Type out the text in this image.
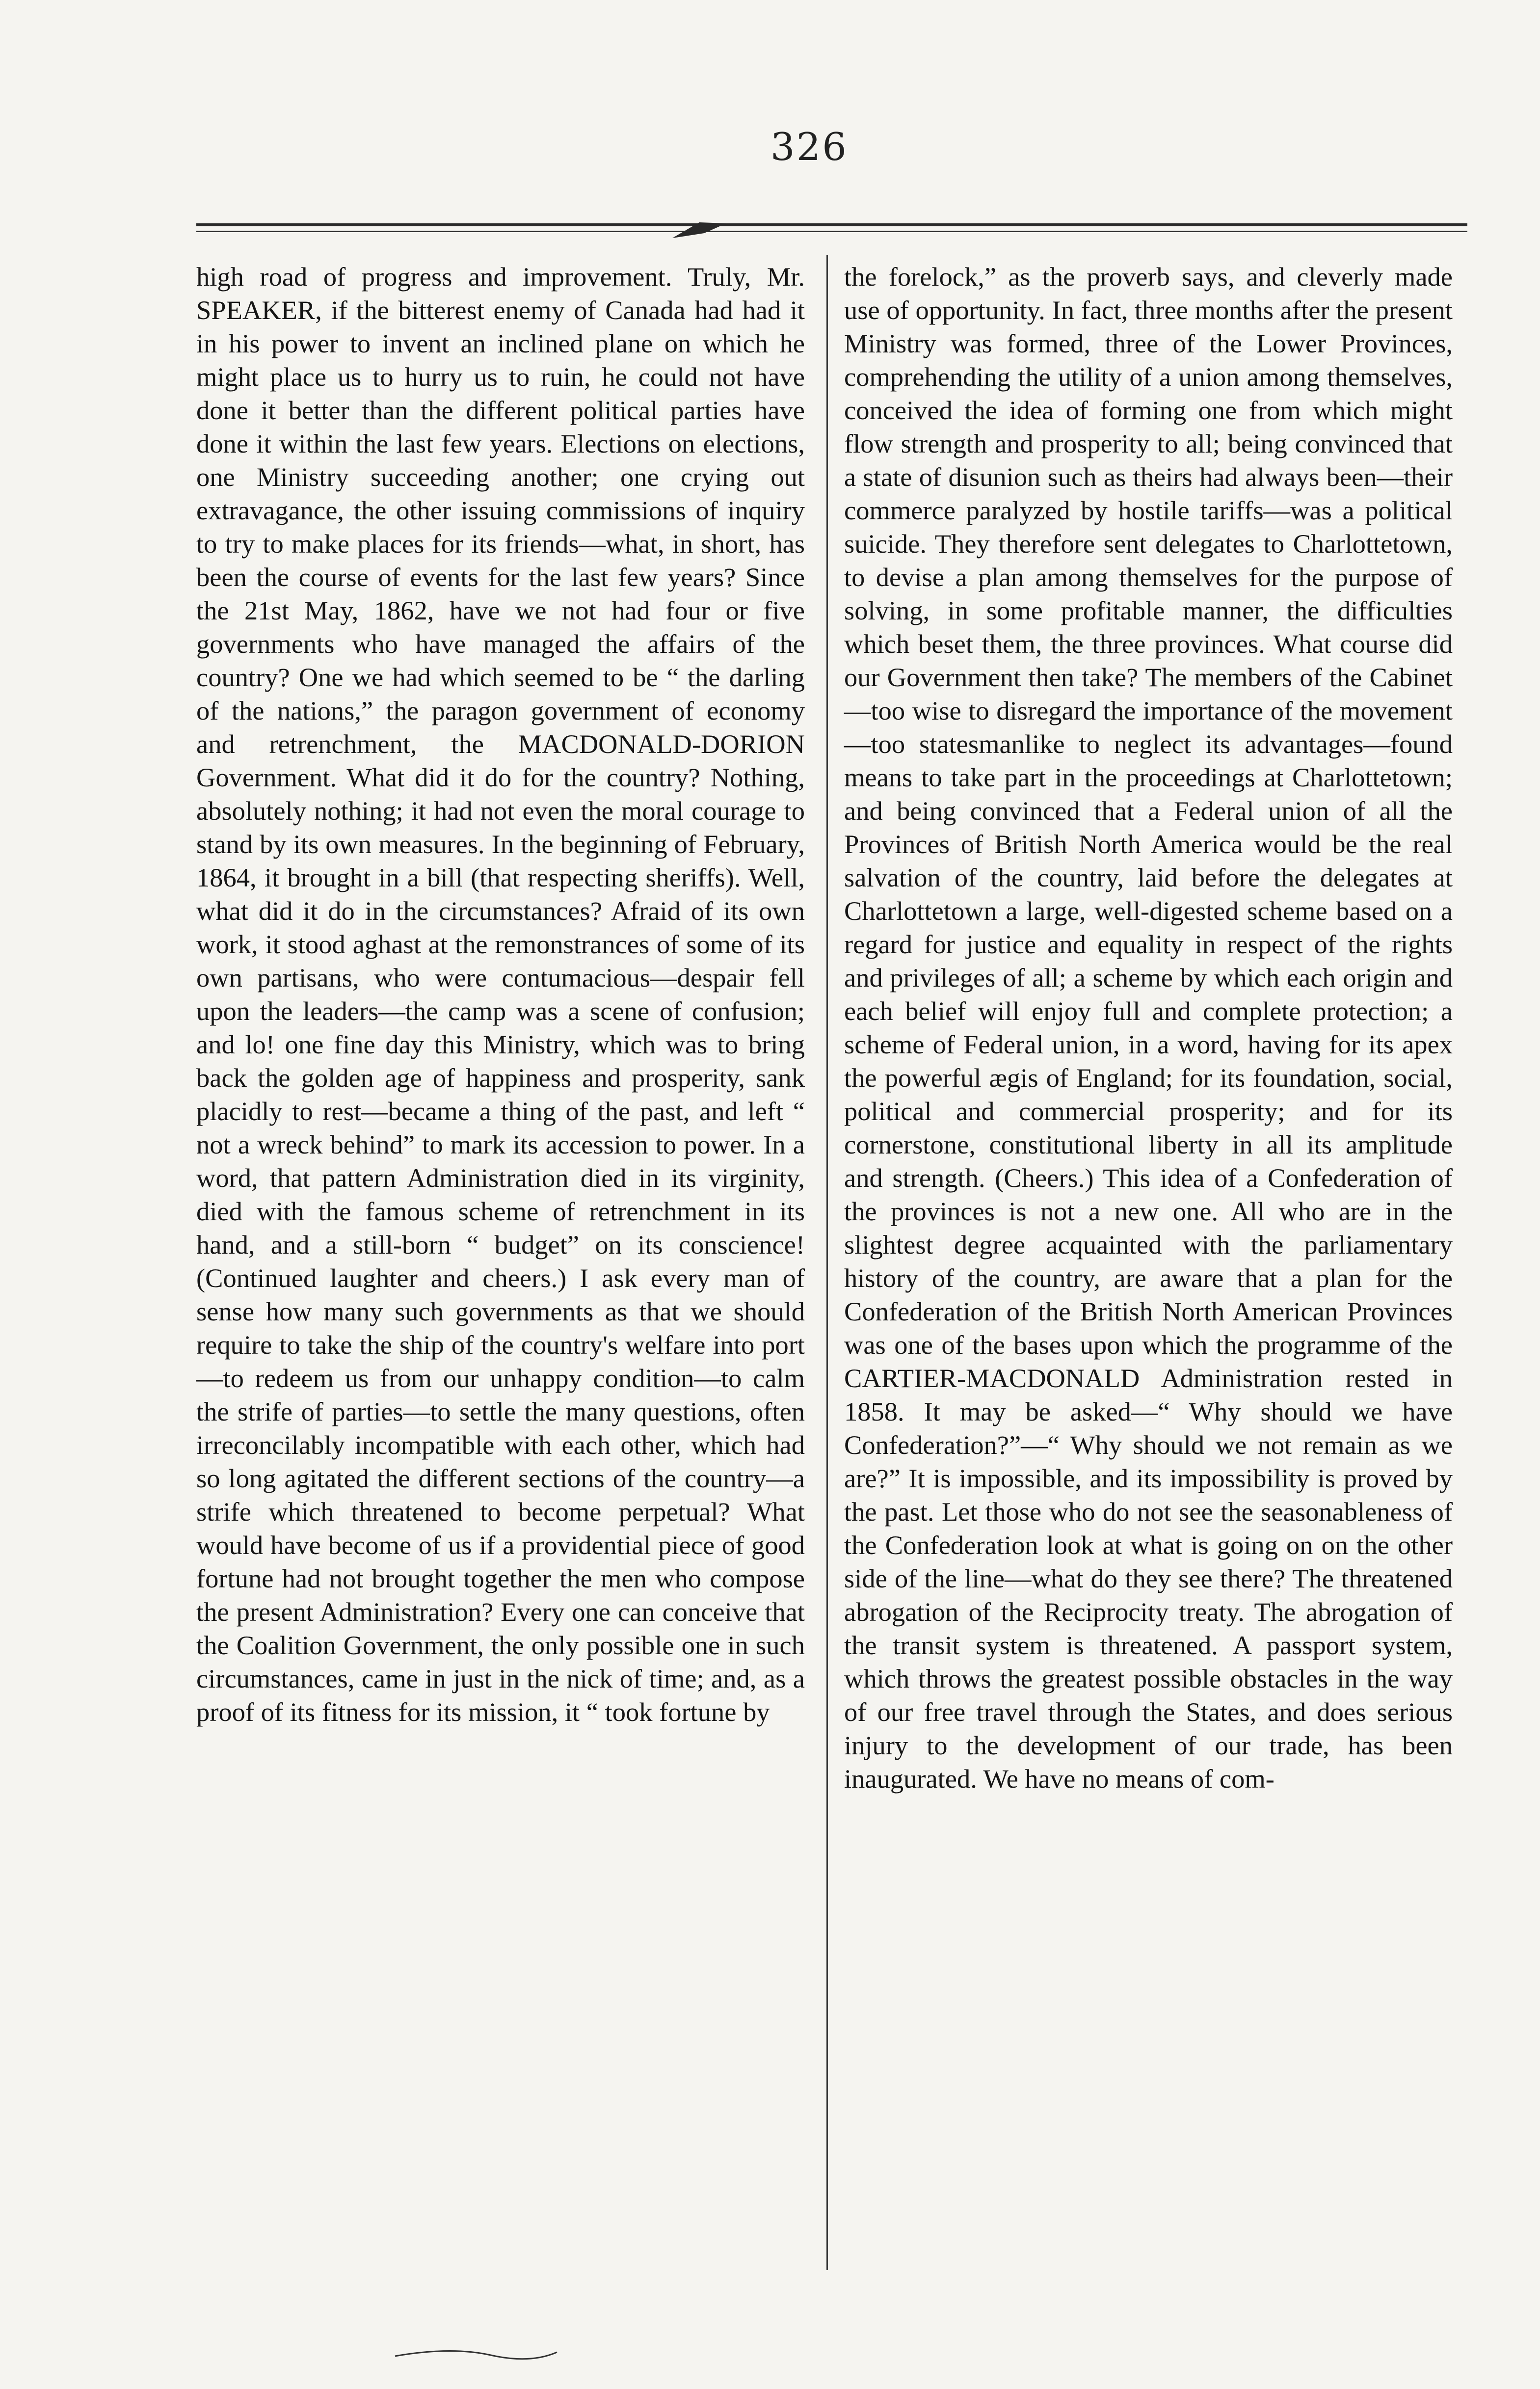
326

high road of progress and improvement. Truly, Mr. SPEAKER, if the bitterest enemy of Canada had had it in his power to invent an inclined plane on which he might place us to hurry us to ruin, he could not have done it better than the different political parties have done it within the last few years. Elections on elections, one Ministry succeeding another; one crying out extravagance, the other issuing commissions of inquiry to try to make places for its friends—what, in short, has been the course of events for the last few years? Since the 21st May, 1862, have we not had four or five governments who have managed the affairs of the country? One we had which seemed to be “ the darling of the nations,” the paragon government of economy and retrenchment, the MACDONALD-DORION Government. What did it do for the country? Nothing, absolutely nothing; it had not even the moral courage to stand by its own measures. In the beginning of February, 1864, it brought in a bill (that respecting sheriffs). Well, what did it do in the circumstances? Afraid of its own work, it stood aghast at the remonstrances of some of its own partisans, who were contumacious—despair fell upon the leaders—the camp was a scene of confusion; and lo! one fine day this Ministry, which was to bring back the golden age of happiness and prosperity, sank placidly to rest—became a thing of the past, and left “ not a wreck behind” to mark its accession to power. In a word, that pattern Administration died in its virginity, died with the famous scheme of retrenchment in its hand, and a still-born “ budget” on its conscience! (Continued laughter and cheers.) I ask every man of sense how many such governments as that we should require to take the ship of the country's welfare into port—to redeem us from our unhappy condition—to calm the strife of parties—to settle the many questions, often irreconcilably incompatible with each other, which had so long agitated the different sections of the country—a strife which threatened to become perpetual? What would have become of us if a providential piece of good fortune had not brought together the men who compose the present Administration? Every one can conceive that the Coalition Government, the only possible one in such circumstances, came in just in the nick of time; and, as a proof of its fitness for its mission, it “ took fortune by

the forelock,” as the proverb says, and cleverly made use of opportunity. In fact, three months after the present Ministry was formed, three of the Lower Provinces, comprehending the utility of a union among themselves, conceived the idea of forming one from which might flow strength and prosperity to all; being convinced that a state of disunion such as theirs had always been—their commerce paralyzed by hostile tariffs—was a political suicide. They therefore sent delegates to Charlottetown, to devise a plan among themselves for the purpose of solving, in some profitable manner, the difficulties which beset them, the three provinces. What course did our Government then take? The members of the Cabinet—too wise to disregard the importance of the movement—too statesmanlike to neglect its advantages—found means to take part in the proceedings at Charlottetown; and being convinced that a Federal union of all the Provinces of British North America would be the real salvation of the country, laid before the delegates at Charlottetown a large, well-digested scheme based on a regard for justice and equality in respect of the rights and privileges of all; a scheme by which each origin and each belief will enjoy full and complete protection; a scheme of Federal union, in a word, having for its apex the powerful ægis of England; for its foundation, social, political and commercial prosperity; and for its cornerstone, constitutional liberty in all its amplitude and strength. (Cheers.) This idea of a Confederation of the provinces is not a new one. All who are in the slightest degree acquainted with the parliamentary history of the country, are aware that a plan for the Confederation of the British North American Provinces was one of the bases upon which the programme of the CARTIER-MACDONALD Administration rested in 1858. It may be asked—“ Why should we have Confederation?”—“ Why should we not remain as we are?” It is impossible, and its impossibility is proved by the past. Let those who do not see the seasonableness of the Confederation look at what is going on on the other side of the line—what do they see there? The threatened abrogation of the Reciprocity treaty. The abrogation of the transit system is threatened. A passport system, which throws the greatest possible obstacles in the way of our free travel through the States, and does serious injury to the development of our trade, has been inaugurated. We have no means of com-
